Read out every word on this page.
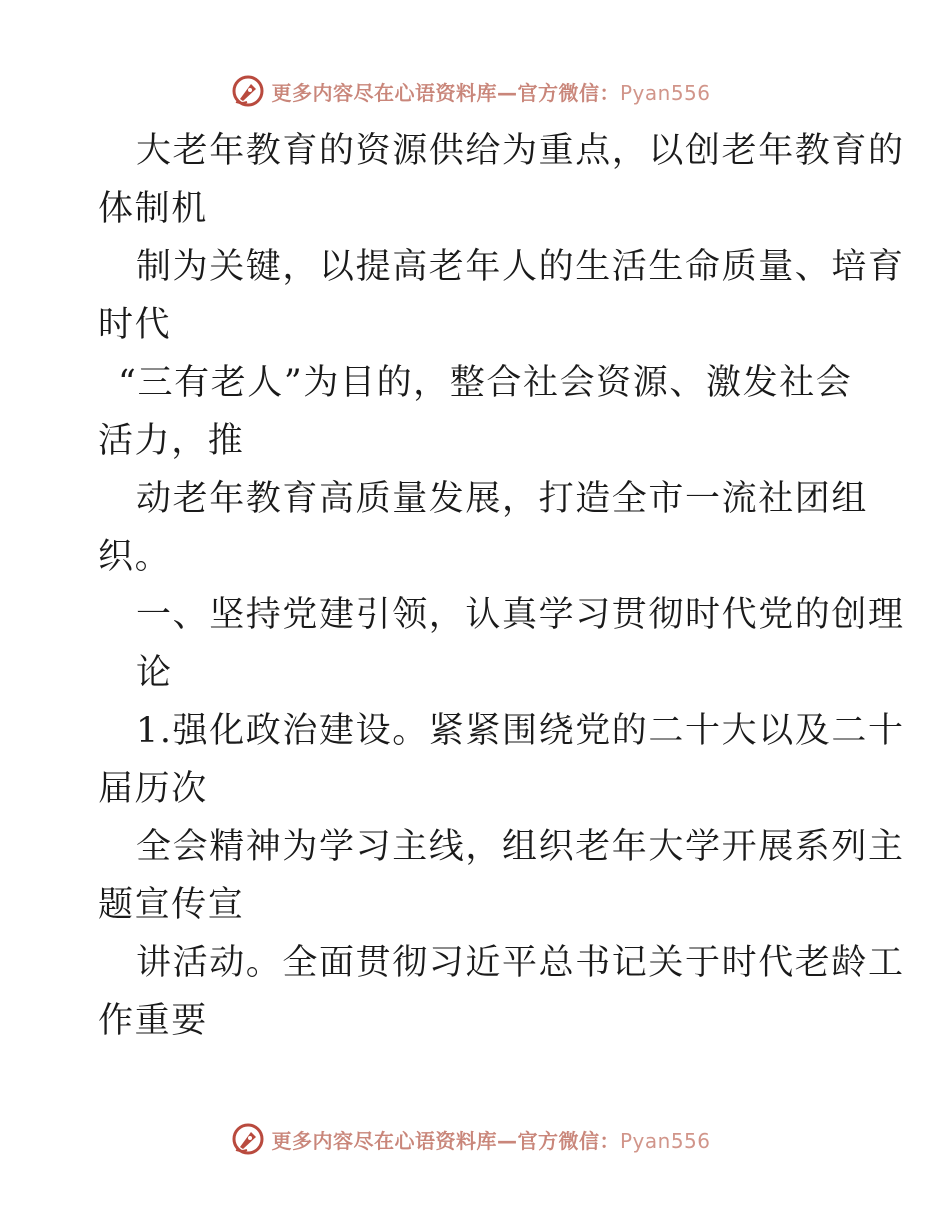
更多内容尽在心语资料库—官方微信：Pyan556
大老年教育的资源供给为重点，以创老年教育的
体制机
制为关键，以提高老年人的生活生命质量、培育
时代
“三有老人”为目的，整合社会资源、激发社会
活力，推
动老年教育高质量发展，打造全市一流社团组
织。
一、坚持党建引领，认真学习贯彻时代党的创理
论
1.强化政治建设。紧紧围绕党的二十大以及二十
届历次
全会精神为学习主线，组织老年大学开展系列主
题宣传宣
讲活动。全面贯彻习近平总书记关于时代老龄工
作重要
更多内容尽在心语资料库—官方微信：Pyan556
